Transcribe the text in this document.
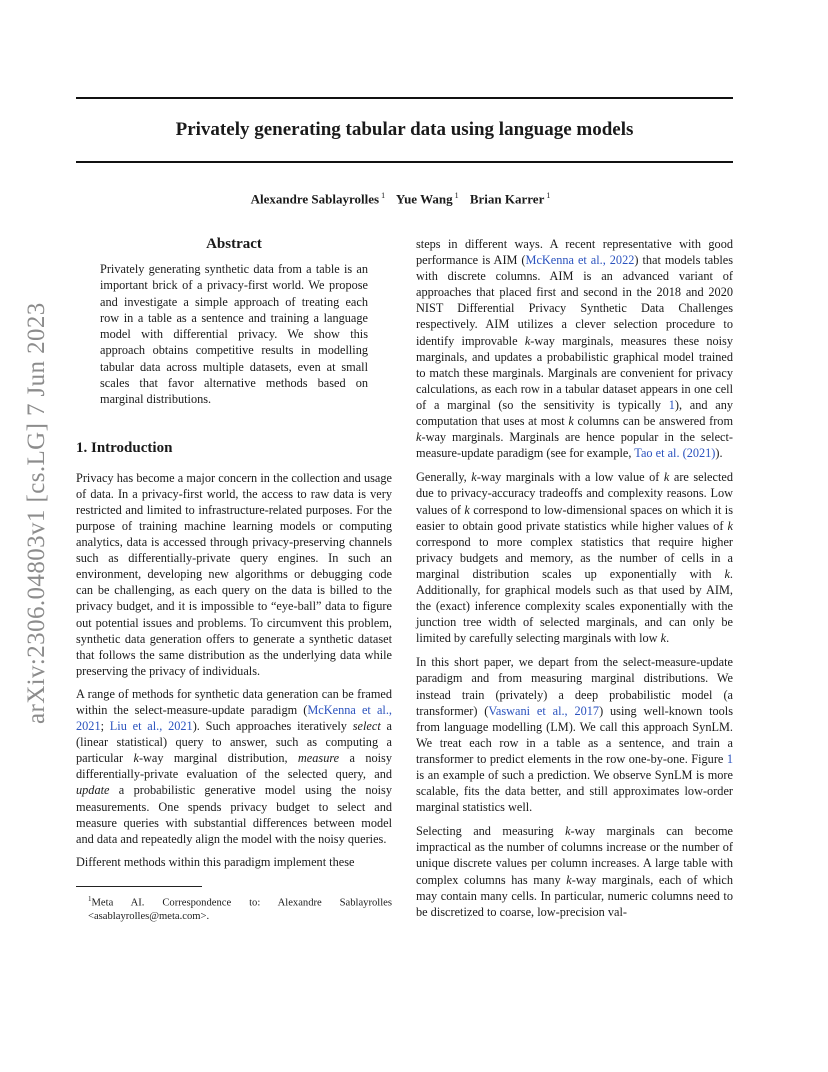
arXiv:2306.04803v1 [cs.LG] 7 Jun 2023
Privately generating tabular data using language models
Alexandre Sablayrolles $^1$ Yue Wang $^1$ Brian Karrer $^1$
Abstract

Privately generating synthetic data from a table is an important brick of a privacy-first world. We propose and investigate a simple approach of treating each row in a table as a sentence and training a language model with differential privacy. We show this approach obtains competitive results in modelling tabular data across multiple datasets, even at small scales that favor alternative methods based on marginal distributions.

1. Introduction

Privacy has become a major concern in the collection and usage of data. In a privacy-first world, the access to raw data is very restricted and limited to infrastructure-related purposes. For the purpose of training machine learning models or computing analytics, data is accessed through privacy-preserving channels such as differentially-private query engines. In such an environment, developing new algorithms or debugging code can be challenging, as each query on the data is billed to the privacy budget, and it is impossible to “eye-ball” data to figure out potential issues and problems. To circumvent this problem, synthetic data generation offers to generate a synthetic dataset that follows the same distribution as the underlying data while preserving the privacy of individuals.

A range of methods for synthetic data generation can be framed within the select-measure-update paradigm (McKenna et al., 2021; Liu et al., 2021). Such approaches iteratively select a (linear statistical) query to answer, such as computing a particular k-way marginal distribution, measure a noisy differentially-private evaluation of the selected query, and update a probabilistic generative model using the noisy measurements. One spends privacy budget to select and measure queries with substantial differences between model and data and repeatedly align the model with the noisy queries.

Different methods within this paradigm implement these

$^1$Meta AI. Correspondence to: Alexandre Sablayrolles <asablayrolles@meta.com>.

steps in different ways. A recent representative with good performance is AIM (McKenna et al., 2022) that models tables with discrete columns. AIM is an advanced variant of approaches that placed first and second in the 2018 and 2020 NIST Differential Privacy Synthetic Data Challenges respectively. AIM utilizes a clever selection procedure to identify improvable k-way marginals, measures these noisy marginals, and updates a probabilistic graphical model trained to match these marginals. Marginals are convenient for privacy calculations, as each row in a tabular dataset appears in one cell of a marginal (so the sensitivity is typically 1), and any computation that uses at most k columns can be answered from k-way marginals. Marginals are hence popular in the select-measure-update paradigm (see for example, Tao et al. (2021)).

Generally, k-way marginals with a low value of k are selected due to privacy-accuracy tradeoffs and complexity reasons. Low values of k correspond to low-dimensional spaces on which it is easier to obtain good private statistics while higher values of k correspond to more complex statistics that require higher privacy budgets and memory, as the number of cells in a marginal distribution scales up exponentially with k. Additionally, for graphical models such as that used by AIM, the (exact) inference complexity scales exponentially with the junction tree width of selected marginals, and can only be limited by carefully selecting marginals with low k.

In this short paper, we depart from the select-measure-update paradigm and from measuring marginal distributions. We instead train (privately) a deep probabilistic model (a transformer) (Vaswani et al., 2017) using well-known tools from language modelling (LM). We call this approach SynLM. We treat each row in a table as a sentence, and train a transformer to predict elements in the row one-by-one. Figure 1 is an example of such a prediction. We observe SynLM is more scalable, fits the data better, and still approximates low-order marginal statistics well.

Selecting and measuring k-way marginals can become impractical as the number of columns increase or the number of unique discrete values per column increases. A large table with complex columns has many k-way marginals, each of which may contain many cells. In particular, numeric columns need to be discretized to coarse, low-precision val-
